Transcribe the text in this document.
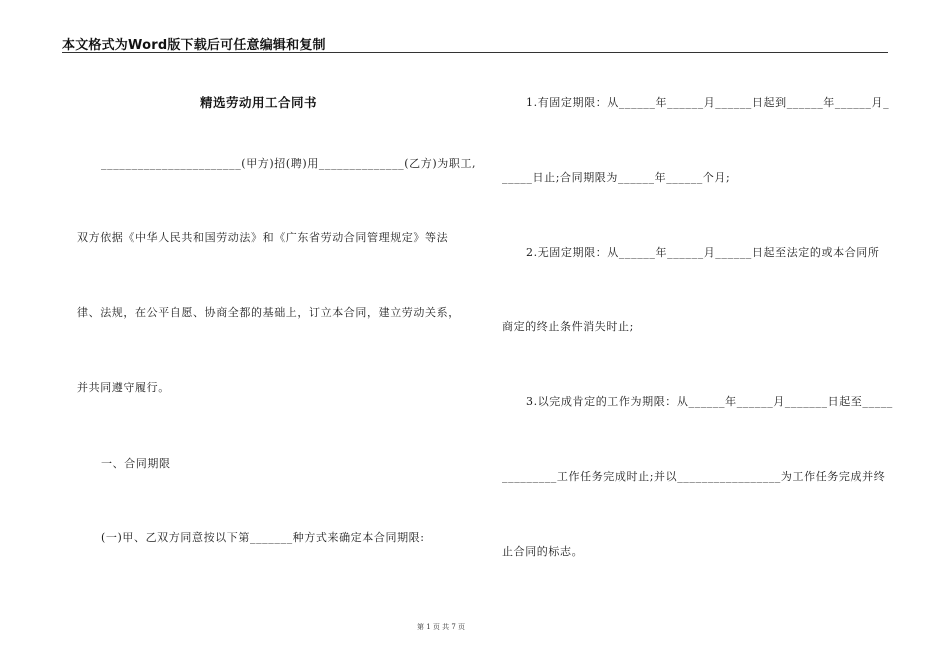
本文格式为Word版下载后可任意编辑和复制
精选劳动用工合同书
_______________________(甲方)招(聘)用______________(乙方)为职工,
双方依据《中华人民共和国劳动法》和《广东省劳动合同管理规定》等法
律、法规，在公平自愿、协商全都的基础上，订立本合同，建立劳动关系，
并共同遵守履行。
一、合同期限
(一)甲、乙双方同意按以下第_______种方式来确定本合同期限:
1.有固定期限：从______年______月______日起到______年______月_
_____日止;合同期限为______年______个月;
2.无固定期限：从______年______月______日起至法定的或本合同所
商定的终止条件消失时止;
3.以完成肯定的工作为期限：从______年______月_______日起至_____
_________工作任务完成时止;并以_________________为工作任务完成并终
止合同的标志。
第 1 页 共 7 页
